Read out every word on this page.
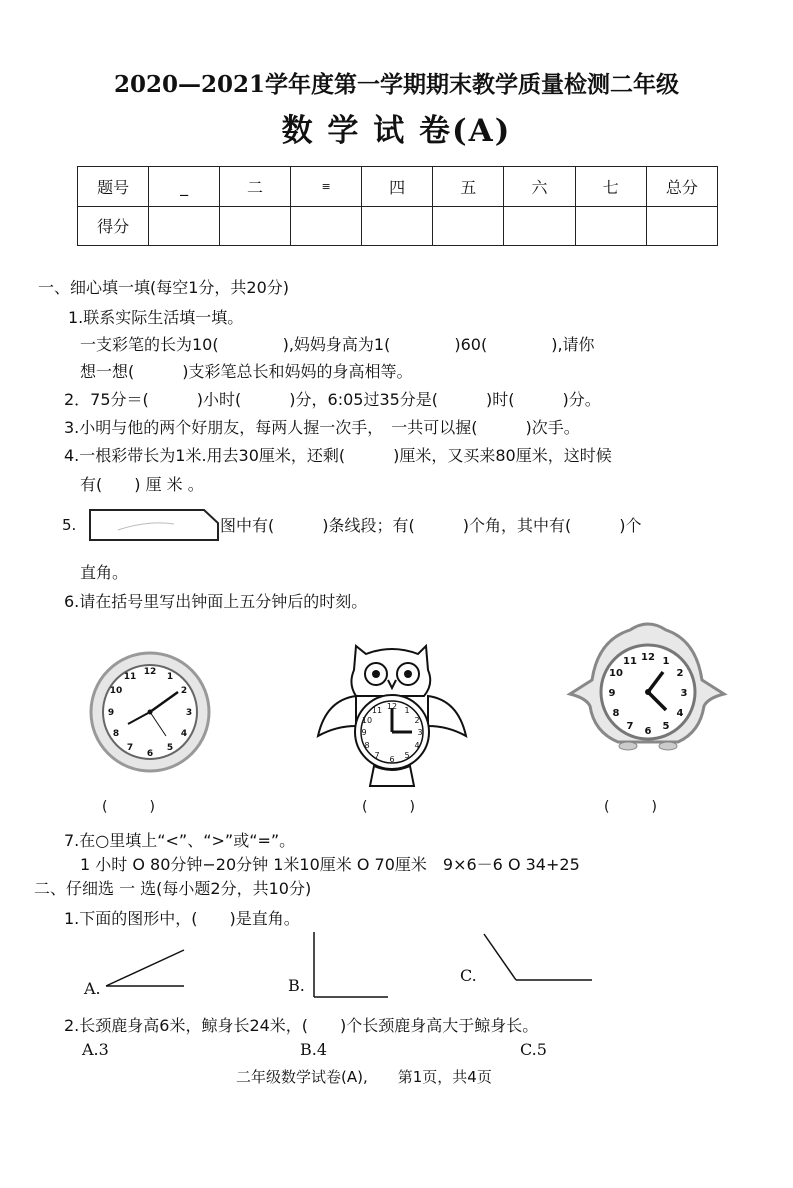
2020—2021学年度第一学期期末教学质量检测二年级
数 学 试 卷(A)
题号	_	二	≡	四	五	六	七	总分
得分								
一、细心填一填(每空1分，共20分)
1.联系实际生活填一填。
一支彩笔的长为10(　　　　),妈妈身高为1(　　　　)60(　　　　),请你
想一想(　　　)支彩笔总长和妈妈的身高相等。
2．75分＝(　　　)小时(　　　)分，6:05过35分是(　　　)时(　　　)分。
3.小明与他的两个好朋友，每两人握一次手，　一共可以握(　　　)次手。
4.一根彩带长为1米.用去30厘米，还剩(　　　)厘米，又买来80厘米，这时候
有(　　) 厘 米 。
5.	图中有(　　　)条线段；有(　　　)个角，其中有(　　　)个
直角。
6.请在括号里写出钟面上五分钟后的时刻。
12 1
2
3
4
5
6
7
8
9
10
11
12 1
2
3
4
5
6
7
8
9
10
11
12 1
2
3
4
5
6
7
8
9
10
11
(　　　)	(　　　)	(　　　)
7.在○里填上“<”、“>”或“=”。
1 小时 O 80分钟−20分钟 1米10厘米 O 70厘米　9×6－6 O 34+25
二、仔细选 一 选(每小题2分，共10分)
1.下面的图形中，(　　)是直角。
A.	B.
C.
2.长颈鹿身高6米，鲸身长24米，(　　)个长颈鹿身高大于鲸身长。
A.3	B.4	C.5
二年级数学试卷(A),　　第1页，共4页
